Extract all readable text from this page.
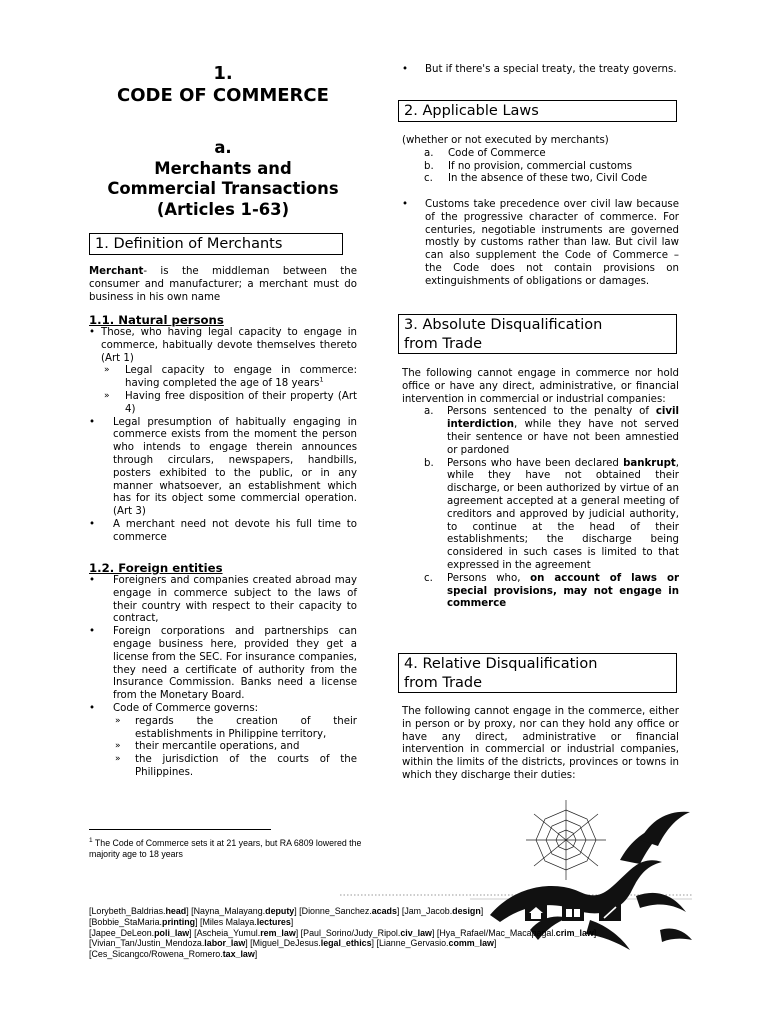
1.
CODE OF COMMERCE
a.
Merchants and
Commercial Transactions
(Articles 1-63)
1. Definition of Merchants
Merchant- is the middleman between the consumer and manufacturer; a merchant must do business in his own name
1.1. Natural persons
• Those, who having legal capacity to engage in commerce, habitually devote themselves thereto (Art 1)
» Legal capacity to engage in commerce: having completed the age of 18 years$^1$
» Having free disposition of their property (Art 4)
• Legal presumption of habitually engaging in commerce exists from the moment the person who intends to engage therein announces through circulars, newspapers, handbills, posters exhibited to the public, or in any manner whatsoever, an establishment which has for its object some commercial operation. (Art 3)
• A merchant need not devote his full time to commerce
1.2. Foreign entities
• Foreigners and companies created abroad may engage in commerce subject to the laws of their country with respect to their capacity to contract,
• Foreign corporations and partnerships can engage business here, provided they get a license from the SEC. For insurance companies, they need a certificate of authority from the Insurance Commission. Banks need a license from the Monetary Board.
• Code of Commerce governs:
» regards the creation of their establishments in Philippine territory,
» their mercantile operations, and
» the jurisdiction of the courts of the Philippines.
• But if there's a special treaty, the treaty governs.
2. Applicable Laws
(whether or not executed by merchants)
a. Code of Commerce
b. If no provision, commercial customs
c. In the absence of these two, Civil Code
• Customs take precedence over civil law because of the progressive character of commerce. For centuries, negotiable instruments are governed mostly by customs rather than law. But civil law can also supplement the Code of Commerce – the Code does not contain provisions on extinguishments of obligations or damages.
3. Absolute Disqualification
from Trade
The following cannot engage in commerce nor hold office or have any direct, administrative, or financial intervention in commercial or industrial companies:
a. Persons sentenced to the penalty of civil interdiction, while they have not served their sentence or have not been amnestied or pardoned
b. Persons who have been declared bankrupt, while they have not obtained their discharge, or been authorized by virtue of an agreement accepted at a general meeting of creditors and approved by judicial authority, to continue at the head of their establishments; the discharge being considered in such cases is limited to that expressed in the agreement
c. Persons who, on account of laws or special provisions, may not engage in commerce
4. Relative Disqualification
from Trade
The following cannot engage in the commerce, either in person or by proxy, nor can they hold any office or have any direct, administrative or financial intervention in commercial or industrial companies, within the limits of the districts, provinces or towns in which they discharge their duties:
$^1$ The Code of Commerce sets it at 21 years, but RA 6809 lowered the majority age to 18 years
[Lorybeth_Baldrias.head] [Nayna_Malayang.deputy] [Dionne_Sanchez.acads] [Jam_Jacob.design]
[Bobbie_StaMaria.printing] [Miles Malaya.lectures]
[Japee_DeLeon.poli_law] [Ascheia_Yumul.rem_law] [Paul_Sorino/Judy_Ripol.civ_law] [Hya_Rafael/Mac_Macapagal.crim_law]
[Vivian_Tan/Justin_Mendoza.labor_law] [Miguel_DeJesus.legal_ethics] [Lianne_Gervasio.comm_law]
[Ces_Sicangco/Rowena_Romero.tax_law]
